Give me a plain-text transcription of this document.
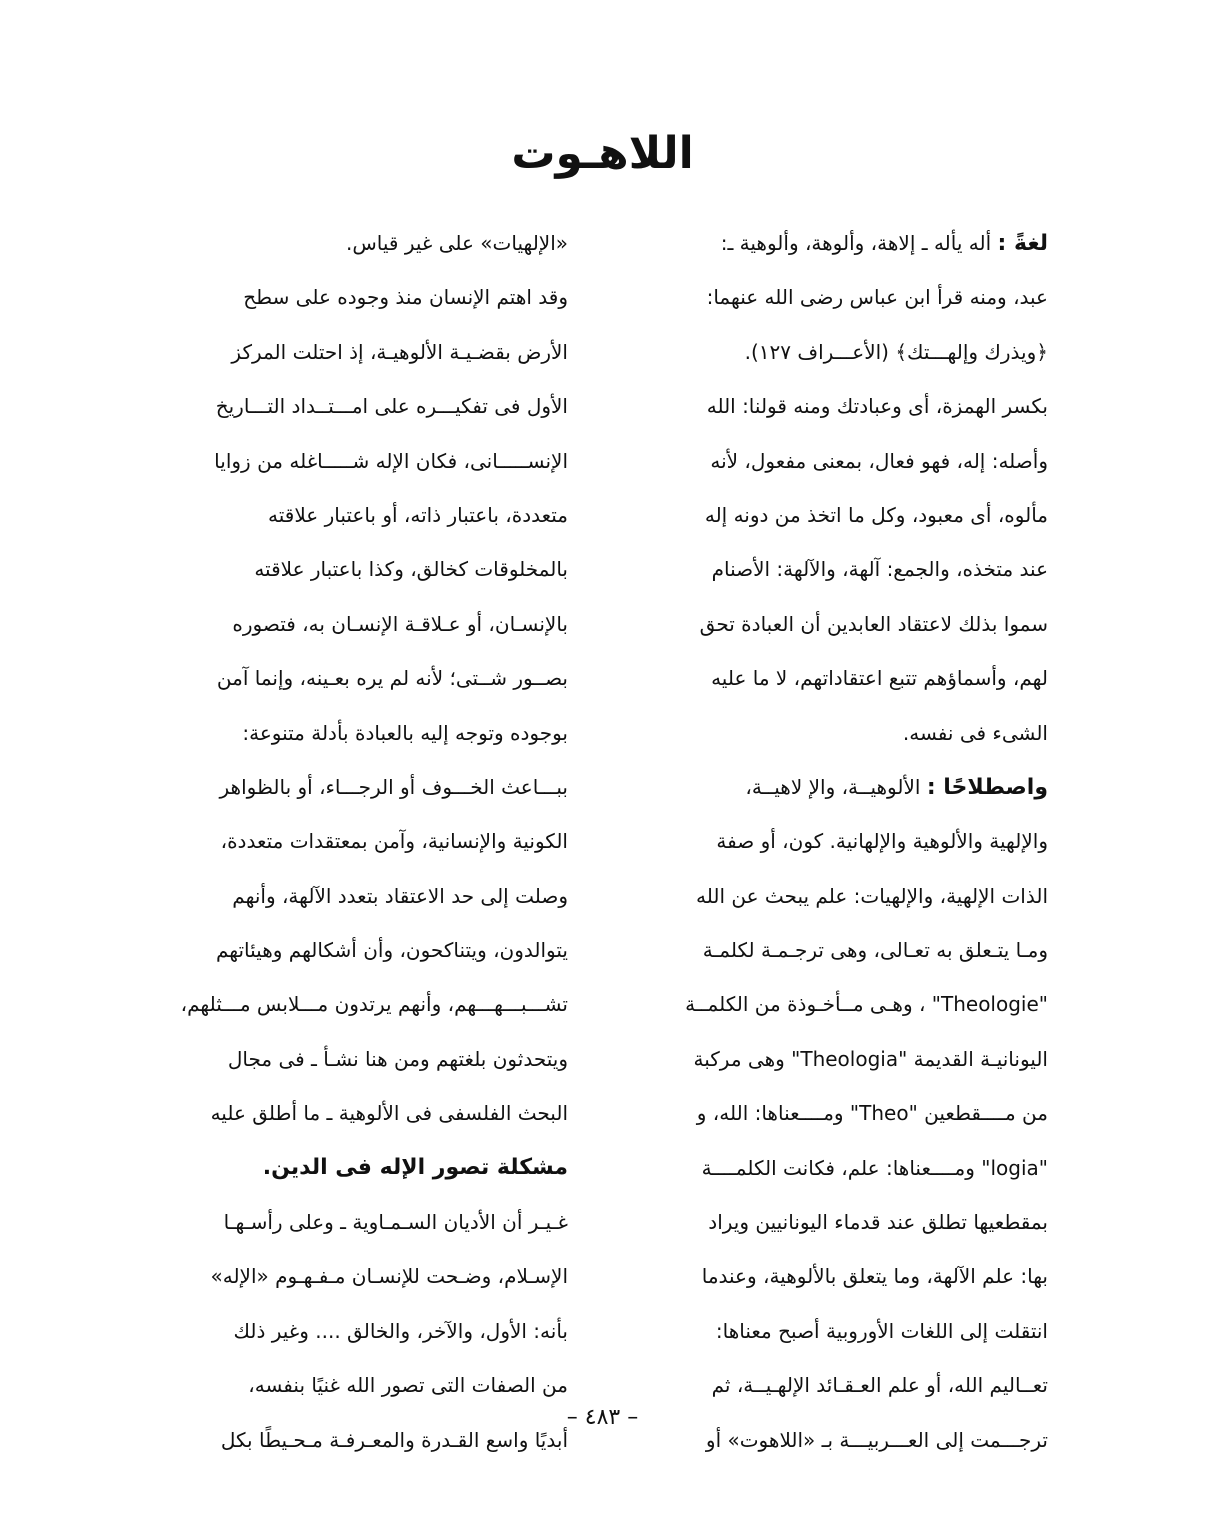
اللاهـوت
لغةً : أله يأله ـ إلاهة، وألوهة، وألوهية ـ:
عبد، ومنه قرأ ابن عباس رضى الله عنهما:
﴿ويذرك وإلهـــتك﴾ (الأعـــراف ١٢٧).
بكسر الهمزة، أى وعبادتك ومنه قولنا: الله
وأصله: إله، فهو فعال، بمعنى مفعول، لأنه
مألوه، أى معبود، وكل ما اتخذ من دونه إله
عند متخذه، والجمع: آلهة، والآلهة: الأصنام
سموا بذلك لاعتقاد العابدين أن العبادة تحق
لهم، وأسماؤهم تتبع اعتقاداتهم، لا ما عليه
الشىء فى نفسه.
واصطلاحًا : الألوهيــة، والإ لاهيــة،
والإلهية والألوهية والإلهانية. كون، أو صفة
الذات الإلهية، والإلهيات: علم يبحث عن الله
ومـا يتـعلق به تعـالى، وهى ترجـمـة لكلمـة
"Theologie" ، وهـى مــأخـوذة من الكلمــة
اليونانيـة القديمة "Theologia" وهى مركبة
من مــــقطعين "Theo" ومــــعناها: الله، و
"logia" ومــــعناها: علم، فكانت الكلمــــة
بمقطعيها تطلق عند قدماء اليونانيين ويراد
بها: علم الآلهة، وما يتعلق بالألوهية، وعندما
انتقلت إلى اللغات الأوروبية أصبح معناها:
تعــاليم الله، أو علم العـقـائد الإلهـيــة، ثم
ترجـــمت إلى العـــربيـــة بـ «اللاهوت» أو
«الإلهيات» على غير قياس.
وقد اهتم الإنسان منذ وجوده على سطح
الأرض بقضـيـة الألوهيـة، إذ احتلت المركز
الأول فى تفكيـــره على امـــتــداد التـــاريخ
الإنســـــانى، فكان الإله شـــــاغله من زوايا
متعددة، باعتبار ذاته، أو باعتبار علاقته
بالمخلوقات كخالق، وكذا باعتبار علاقته
بالإنسـان، أو عـلاقـة الإنسـان به، فتصوره
بصــور شــتى؛ لأنه لم يره بعـينه، وإنما آمن
بوجوده وتوجه إليه بالعبادة بأدلة متنوعة:
ببـــاعث الخـــوف أو الرجـــاء، أو بالظواهر
الكونية والإنسانية، وآمن بمعتقدات متعددة،
وصلت إلى حد الاعتقاد بتعدد الآلهة، وأنهم
يتوالدون، ويتناكحون، وأن أشكالهم وهيئاتهم
تشـــبـــهـــهم، وأنهم يرتدون مـــلابس مـــثلهم،
ويتحدثون بلغتهم ومن هنا نشـأ ـ فى مجال
البحث الفلسفى فى الألوهية ـ ما أطلق عليه
مشكلة تصور الإله فى الدين.
غـيـر أن الأديان السـمـاوية ـ وعلى رأسـهـا
الإسـلام، وضـحت للإنسـان مـفـهـوم «الإله»
بأنه: الأول، والآخر، والخالق .... وغير ذلك
من الصفات التى تصور الله غنيًا بنفسه،
أبديًا واسع القـدرة والمعـرفـة مـحـيطًا بكل
– ٤٨٣ –
